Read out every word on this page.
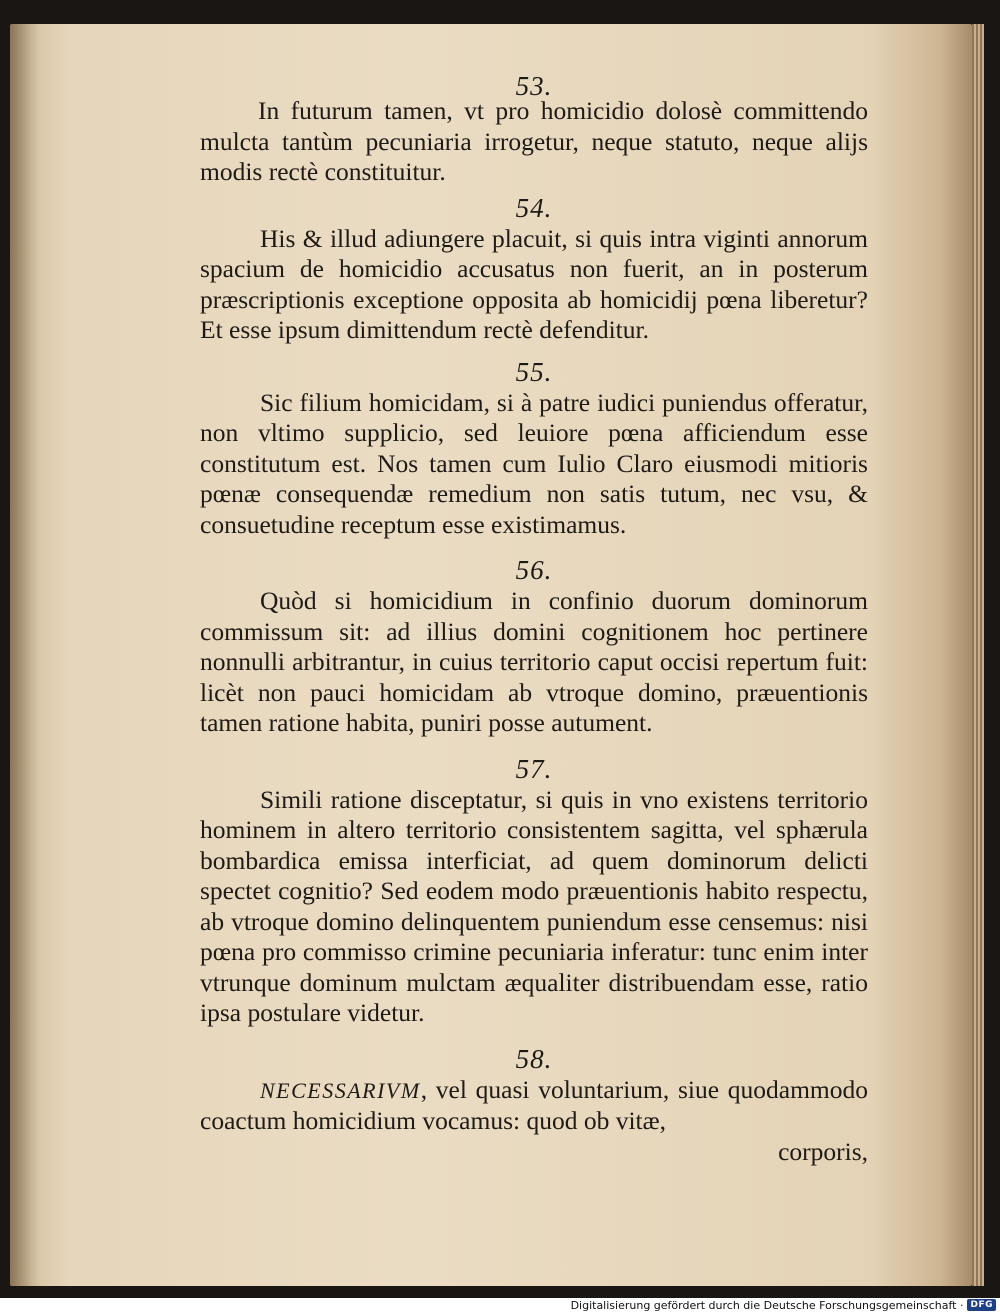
53.

In futurum tamen, vt pro homicidio dolosè committendo mulcta tantùm pecuniaria irrogetur, neque statuto, neque alijs modis rectè constituitur.

54.

His & illud adiungere placuit, si quis intra viginti annorum spacium de homicidio accusatus non fuerit, an in posterum præscriptionis exceptione opposita ab homicidij pœna liberetur? Et esse ipsum dimittendum rectè defenditur.

55.

Sic filium homicidam, si à patre iudici puniendus offeratur, non vltimo supplicio, sed leuiore pœna afficiendum esse constitutum est. Nos tamen cum Iulio Claro eiusmodi mitioris pœnæ consequendæ remedium non satis tutum, nec vsu, & consuetudine receptum esse existimamus.

56.

Quòd si homicidium in confinio duorum dominorum commissum sit: ad illius domini cognitionem hoc pertinere nonnulli arbitrantur, in cuius territorio caput occisi repertum fuit: licèt non pauci homicidam ab vtroque domino, præuentionis tamen ratione habita, puniri posse autument.

57.

Simili ratione disceptatur, si quis in vno existens territorio hominem in altero territorio consistentem sagitta, vel sphærula bombardica emissa interficiat, ad quem dominorum delicti spectet cognitio? Sed eodem modo præuentionis habito respectu, ab vtroque domino delinquentem puniendum esse censemus: nisi pœna pro commisso crimine pecuniaria inferatur: tunc enim inter vtrunque dominum mulctam æqualiter distribuendam esse, ratio ipsa postulare videtur.

58.

NECESSARIVM, vel quasi voluntarium, siue quodammodo coactum homicidium vocamus: quod ob vitæ,

corporis,

Digitalisierung gefördert durch die Deutsche Forschungsgemeinschaft · DFG
